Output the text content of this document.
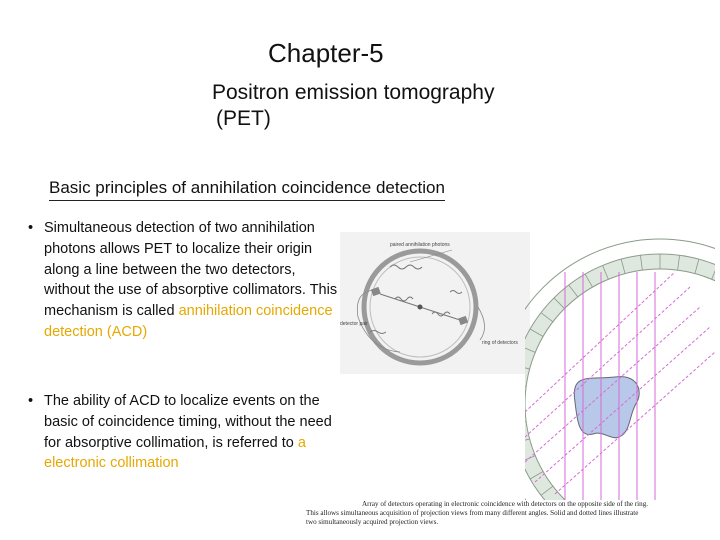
Chapter-5
Positron emission tomography
(PET)
Basic principles of annihilation coincidence detection
• Simultaneous detection of two annihilation photons allows PET to localize their origin along a line between the two detectors, without the use of absorptive collimators. This mechanism is called annihilation coincidence detection (ACD)
• The ability of ACD to localize events on the basic of coincidence timing, without the need for absorptive collimation, is referred to a electronic collimation
paired annihilation photons
detector pair
ring of detectors
Array of detectors operating in electronic coincidence with detectors on the opposite side of the ring.
This allows simultaneous acquisition of projection views from many different angles. Solid and dotted lines illustrate
two simultaneously acquired projection views.
